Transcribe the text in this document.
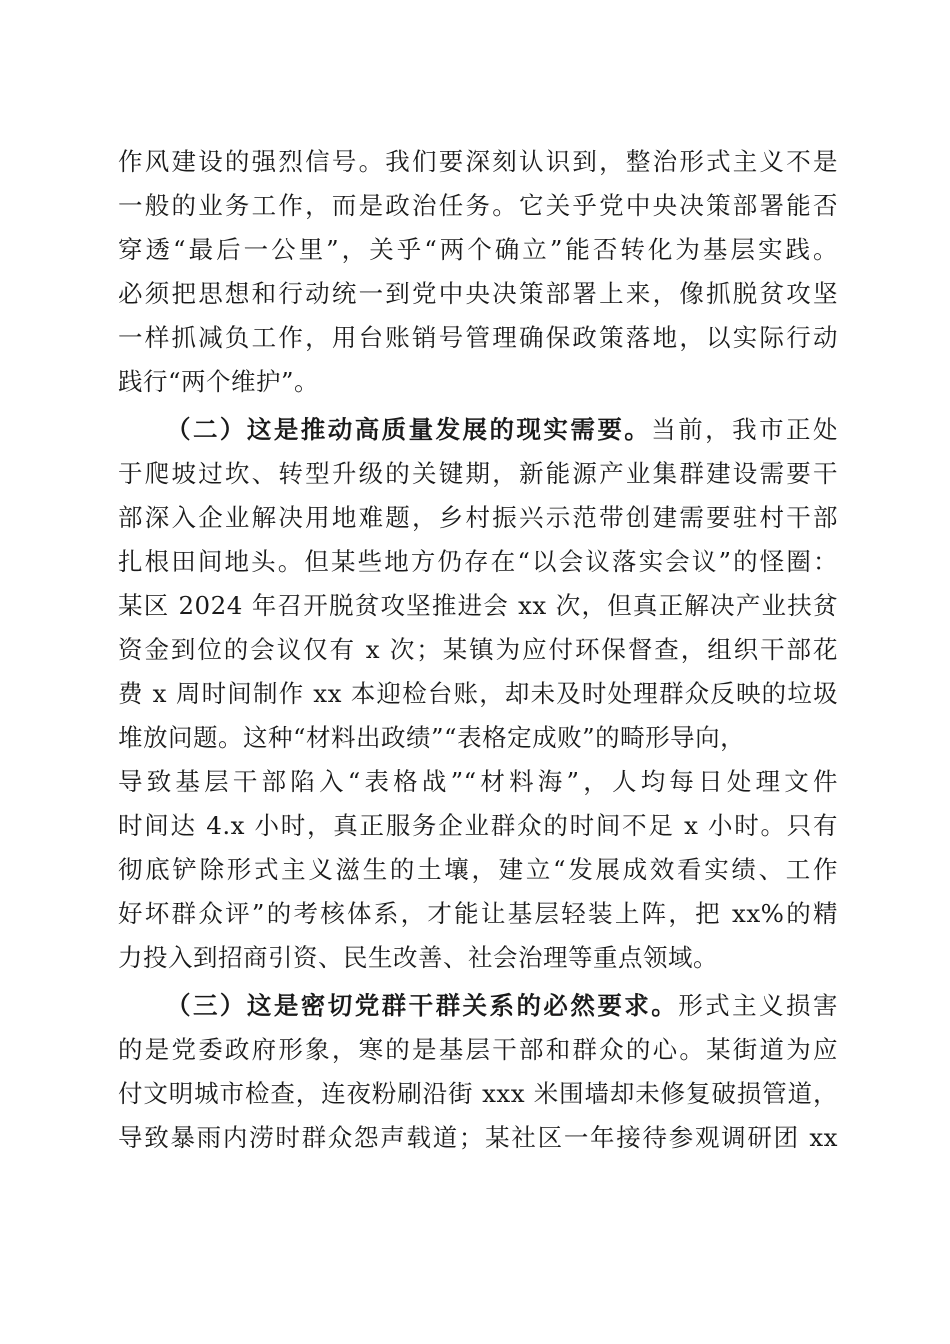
作风建设的强烈信号。我们要深刻认识到，整治形式主义不是
一般的业务工作，而是政治任务。它关乎党中央决策部署能否
穿透“最后一公里”，关乎“两个确立”能否转化为基层实践。
必须把思想和行动统一到党中央决策部署上来，像抓脱贫攻坚
一样抓减负工作，用台账销号管理确保政策落地，以实际行动
践行“两个维护”。
（二）这是推动高质量发展的现实需要。当前，我市正处
于爬坡过坎、转型升级的关键期，新能源产业集群建设需要干
部深入企业解决用地难题，乡村振兴示范带创建需要驻村干部
扎根田间地头。但某些地方仍存在“以会议落实会议”的怪圈：
某区 2024 年召开脱贫攻坚推进会 xx 次，但真正解决产业扶贫
资金到位的会议仅有 x 次；某镇为应付环保督查，组织干部花
费 x 周时间制作 xx 本迎检台账，却未及时处理群众反映的垃圾
堆放问题。这种“材料出政绩”“表格定成败”的畸形导向，
导致基层干部陷入“表格战”“材料海”，人均每日处理文件
时间达 4.x 小时，真正服务企业群众的时间不足 x 小时。只有
彻底铲除形式主义滋生的土壤，建立“发展成效看实绩、工作
好坏群众评”的考核体系，才能让基层轻装上阵，把 xx%的精
力投入到招商引资、民生改善、社会治理等重点领域。
（三）这是密切党群干群关系的必然要求。形式主义损害
的是党委政府形象，寒的是基层干部和群众的心。某街道为应
付文明城市检查，连夜粉刷沿街 xxx 米围墙却未修复破损管道，
导致暴雨内涝时群众怨声载道；某社区一年接待参观调研团 xx
